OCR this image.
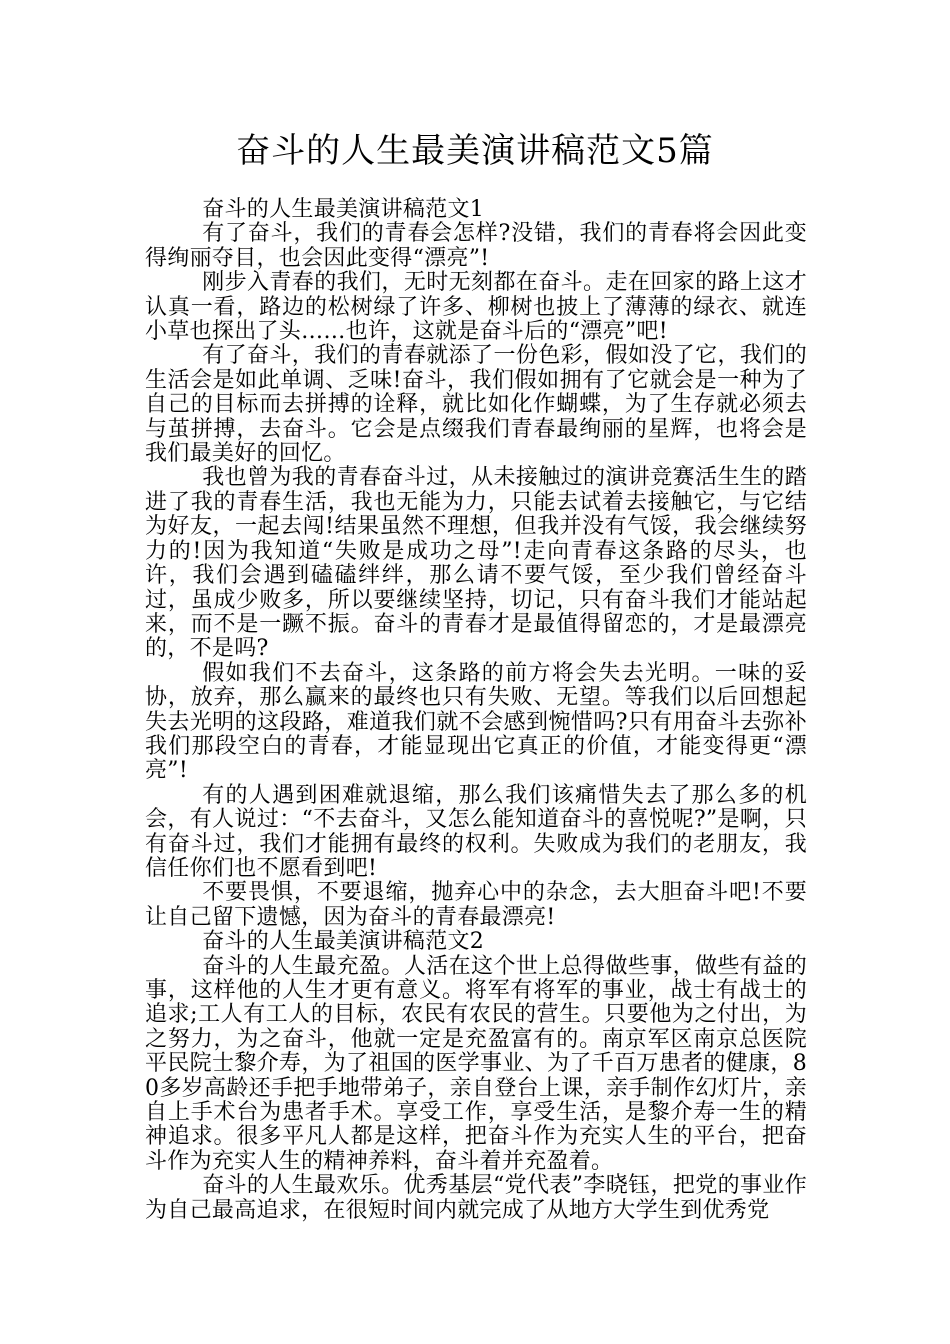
奋斗的人生最美演讲稿范文5篇

奋斗的人生最美演讲稿范文1

有了奋斗，我们的青春会怎样?没错，我们的青春将会因此变得绚丽夺目，也会因此变得“漂亮”!

刚步入青春的我们，无时无刻都在奋斗。走在回家的路上这才认真一看，路边的松树绿了许多、柳树也披上了薄薄的绿衣、就连小草也探出了头……也许，这就是奋斗后的“漂亮”吧!

有了奋斗，我们的青春就添了一份色彩，假如没了它，我们的生活会是如此单调、乏味!奋斗，我们假如拥有了它就会是一种为了自己的目标而去拼搏的诠释，就比如化作蝴蝶，为了生存就必须去与茧拼搏，去奋斗。它会是点缀我们青春最绚丽的星辉，也将会是我们最美好的回忆。

我也曾为我的青春奋斗过，从未接触过的演讲竞赛活生生的踏进了我的青春生活，我也无能为力，只能去试着去接触它，与它结为好友，一起去闯!结果虽然不理想，但我并没有气馁，我会继续努力的!因为我知道“失败是成功之母”!走向青春这条路的尽头，也许，我们会遇到磕磕绊绊，那么请不要气馁，至少我们曾经奋斗过，虽成少败多，所以要继续坚持，切记，只有奋斗我们才能站起来，而不是一蹶不振。奋斗的青春才是最值得留恋的，才是最漂亮的，不是吗?

假如我们不去奋斗，这条路的前方将会失去光明。一味的妥协，放弃，那么赢来的最终也只有失败、无望。等我们以后回想起失去光明的这段路，难道我们就不会感到惋惜吗?只有用奋斗去弥补我们那段空白的青春，才能显现出它真正的价值，才能变得更“漂亮”!

有的人遇到困难就退缩，那么我们该痛惜失去了那么多的机会，有人说过：“不去奋斗，又怎么能知道奋斗的喜悦呢?”是啊，只有奋斗过，我们才能拥有最终的权利。失败成为我们的老朋友，我信任你们也不愿看到吧!

不要畏惧，不要退缩，抛弃心中的杂念，去大胆奋斗吧!不要让自己留下遗憾，因为奋斗的青春最漂亮!

奋斗的人生最美演讲稿范文2

奋斗的人生最充盈。人活在这个世上总得做些事，做些有益的事，这样他的人生才更有意义。将军有将军的事业，战士有战士的追求;工人有工人的目标，农民有农民的营生。只要他为之付出，为之努力，为之奋斗，他就一定是充盈富有的。南京军区南京总医院平民院士黎介寿，为了祖国的医学事业、为了千百万患者的健康，80多岁高龄还手把手地带弟子，亲自登台上课，亲手制作幻灯片，亲自上手术台为患者手术。享受工作，享受生活，是黎介寿一生的精神追求。很多平凡人都是这样，把奋斗作为充实人生的平台，把奋斗作为充实人生的精神养料，奋斗着并充盈着。

奋斗的人生最欢乐。优秀基层“党代表”李晓钰，把党的事业作为自己最高追求，在很短时间内就完成了从地方大学生到优秀党
